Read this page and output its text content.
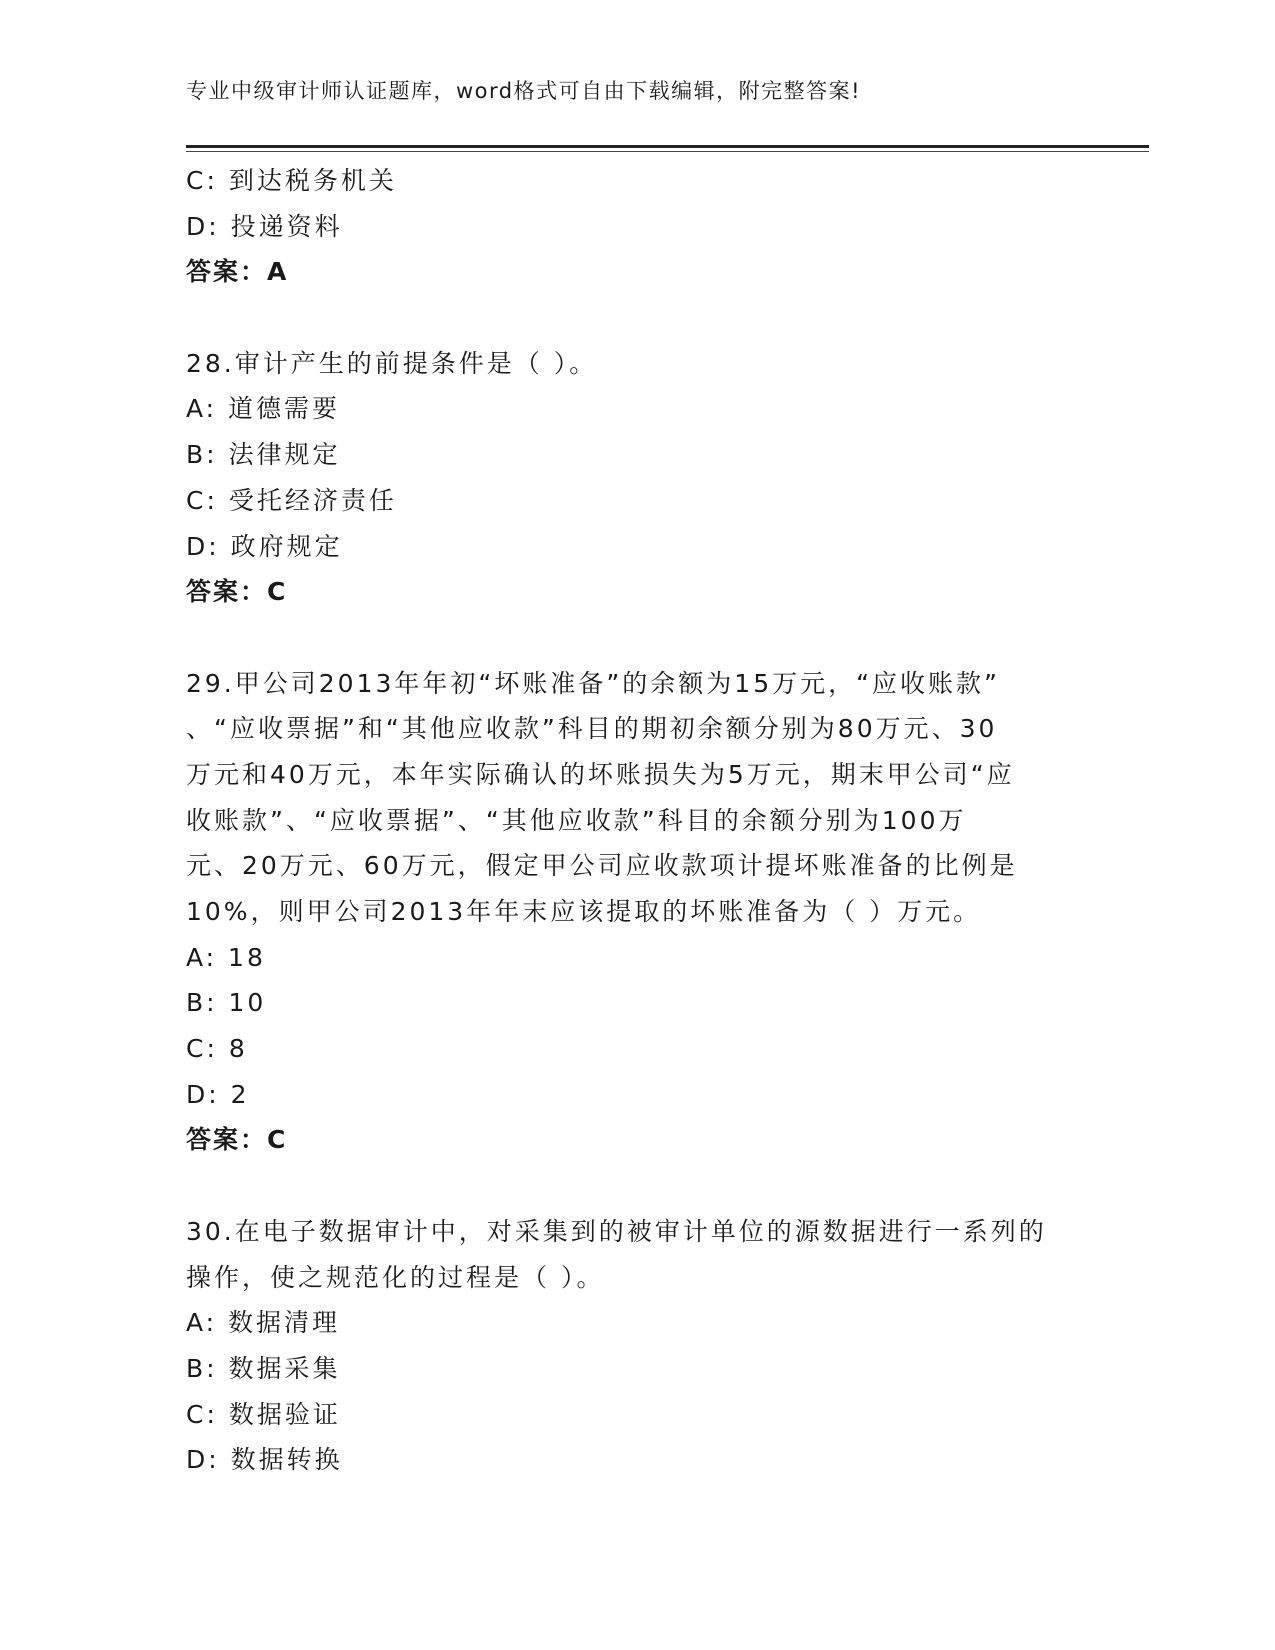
专业中级审计师认证题库，word格式可自由下载编辑，附完整答案!
C: 到达税务机关
D: 投递资料
答案：A
28.审计产生的前提条件是（ ）。
A: 道德需要
B: 法律规定
C: 受托经济责任
D: 政府规定
答案：C
29.甲公司2013年年初“坏账准备”的余额为15万元，“应收账款”
、“应收票据”和“其他应收款”科目的期初余额分别为80万元、30
万元和40万元，本年实际确认的坏账损失为5万元，期末甲公司“应
收账款”、“应收票据”、“其他应收款”科目的余额分别为100万
元、20万元、60万元，假定甲公司应收款项计提坏账准备的比例是
10%，则甲公司2013年年末应该提取的坏账准备为（ ）万元。
A: 18
B: 10
C: 8
D: 2
答案：C
30.在电子数据审计中，对采集到的被审计单位的源数据进行一系列的
操作，使之规范化的过程是（ ）。
A: 数据清理
B: 数据采集
C: 数据验证
D: 数据转换
